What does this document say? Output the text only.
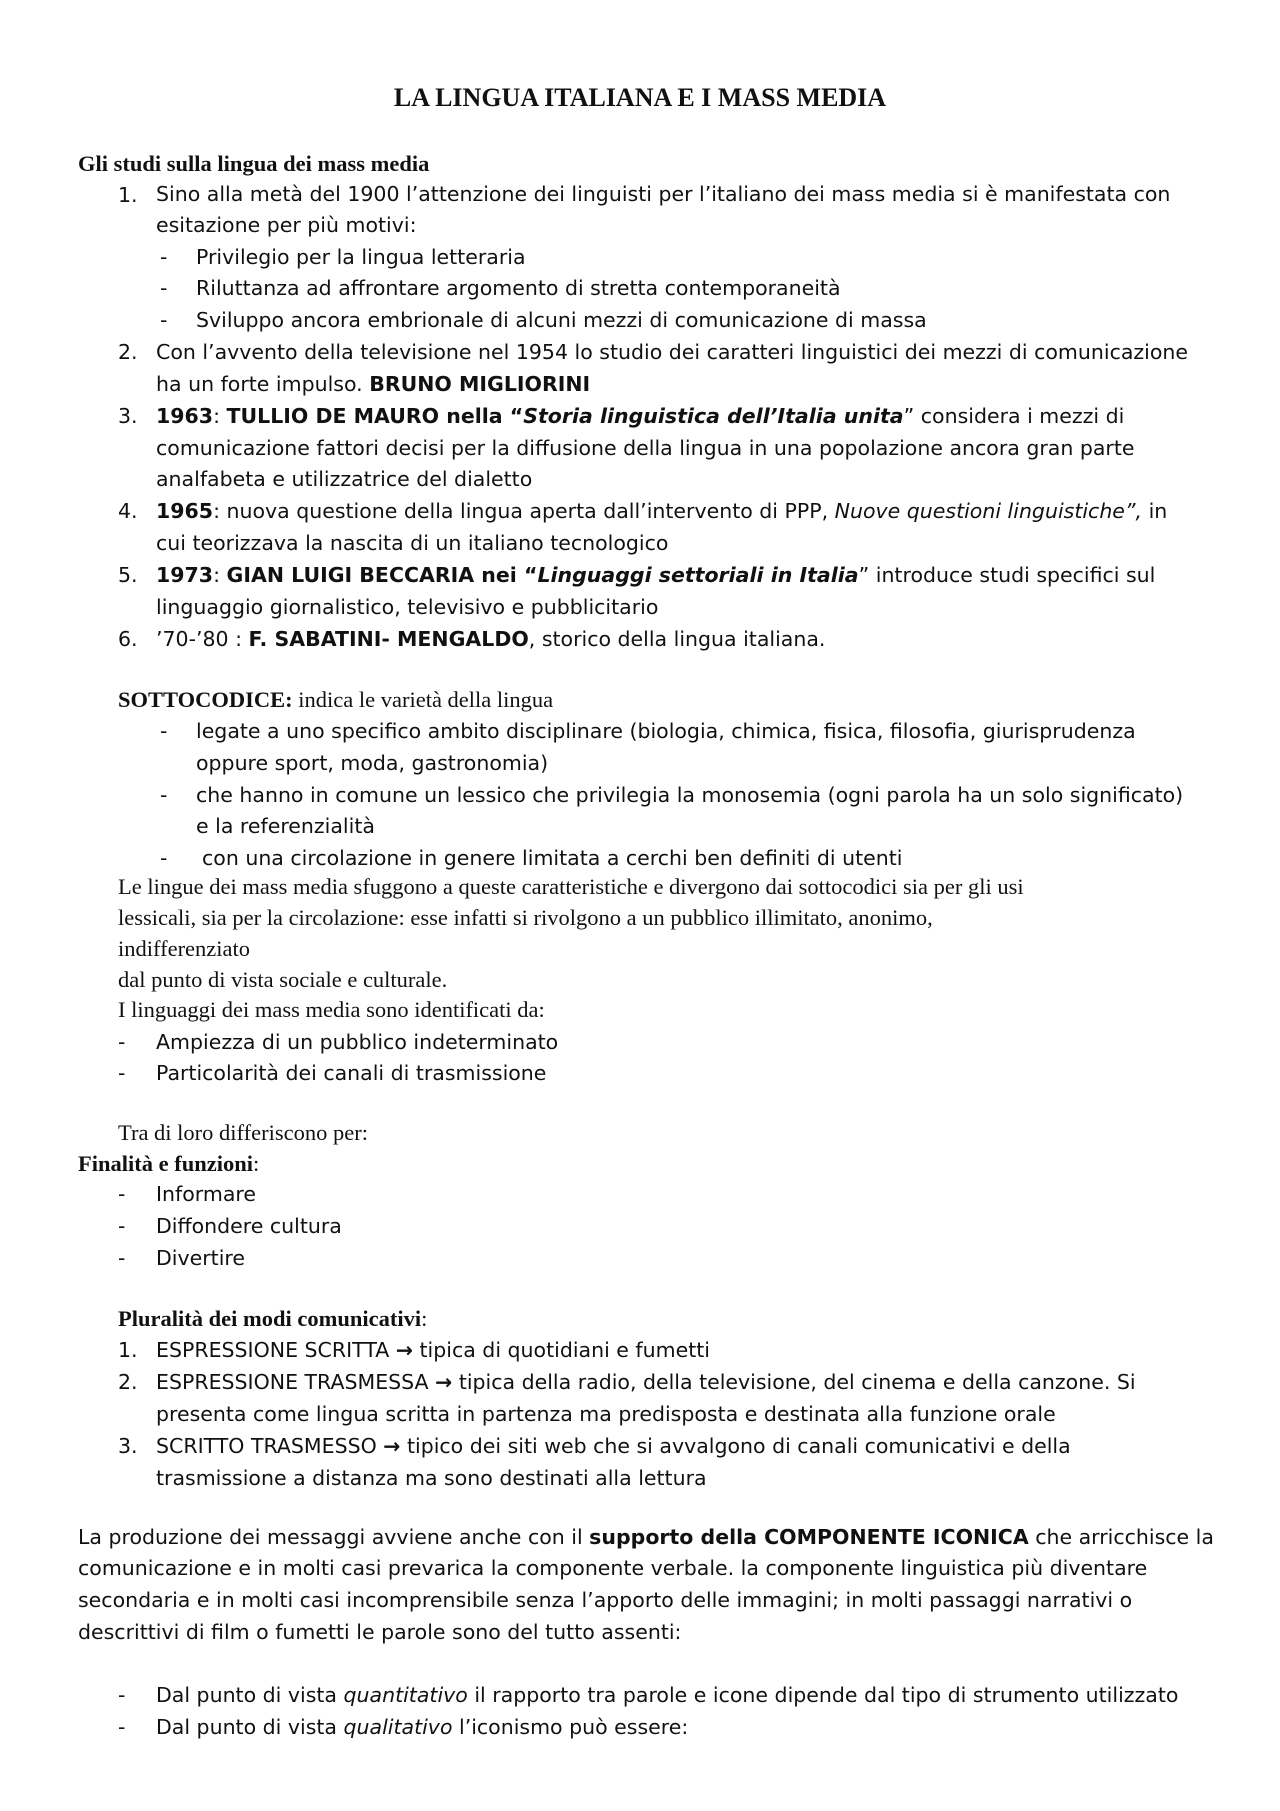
LA LINGUA ITALIANA E I MASS MEDIA
Gli studi sulla lingua dei mass media
1. Sino alla metà del 1900 l’attenzione dei linguisti per l’italiano dei mass media si è manifestata con
esitazione per più motivi:
- Privilegio per la lingua letteraria
- Riluttanza ad affrontare argomento di stretta contemporaneità
- Sviluppo ancora embrionale di alcuni mezzi di comunicazione di massa
2. Con l’avvento della televisione nel 1954 lo studio dei caratteri linguistici dei mezzi di comunicazione
ha un forte impulso. BRUNO MIGLIORINI
3. 1963: TULLIO DE MAURO nella “Storia linguistica dell’Italia unita” considera i mezzi di
comunicazione fattori decisi per la diffusione della lingua in una popolazione ancora gran parte
analfabeta e utilizzatrice del dialetto
4. 1965: nuova questione della lingua aperta dall’intervento di PPP, Nuove questioni linguistiche”, in
cui teorizzava la nascita di un italiano tecnologico
5. 1973: GIAN LUIGI BECCARIA nei “Linguaggi settoriali in Italia” introduce studi specifici sul
linguaggio giornalistico, televisivo e pubblicitario
6. ’70-’80 : F. SABATINI- MENGALDO, storico della lingua italiana.
SOTTOCODICE: indica le varietà della lingua
- legate a uno specifico ambito disciplinare (biologia, chimica, fisica, filosofia, giurisprudenza
oppure sport, moda, gastronomia)
- che hanno in comune un lessico che privilegia la monosemia (ogni parola ha un solo significato)
e la referenzialità
- con una circolazione in genere limitata a cerchi ben definiti di utenti
Le lingue dei mass media sfuggono a queste caratteristiche e divergono dai sottocodici sia per gli usi
lessicali, sia per la circolazione: esse infatti si rivolgono a un pubblico illimitato, anonimo,
indifferenziato
dal punto di vista sociale e culturale.
I linguaggi dei mass media sono identificati da:
- Ampiezza di un pubblico indeterminato
- Particolarità dei canali di trasmissione
Tra di loro differiscono per:
Finalità e funzioni:
- Informare
- Diffondere cultura
- Divertire
Pluralità dei modi comunicativi:
1. ESPRESSIONE SCRITTA → tipica di quotidiani e fumetti
2. ESPRESSIONE TRASMESSA → tipica della radio, della televisione, del cinema e della canzone. Si
presenta come lingua scritta in partenza ma predisposta e destinata alla funzione orale
3. SCRITTO TRASMESSO → tipico dei siti web che si avvalgono di canali comunicativi e della
trasmissione a distanza ma sono destinati alla lettura
La produzione dei messaggi avviene anche con il supporto della COMPONENTE ICONICA che arricchisce la
comunicazione e in molti casi prevarica la componente verbale. la componente linguistica più diventare
secondaria e in molti casi incomprensibile senza l’apporto delle immagini; in molti passaggi narrativi o
descrittivi di film o fumetti le parole sono del tutto assenti:
- Dal punto di vista quantitativo il rapporto tra parole e icone dipende dal tipo di strumento utilizzato
- Dal punto di vista qualitativo l’iconismo può essere:
